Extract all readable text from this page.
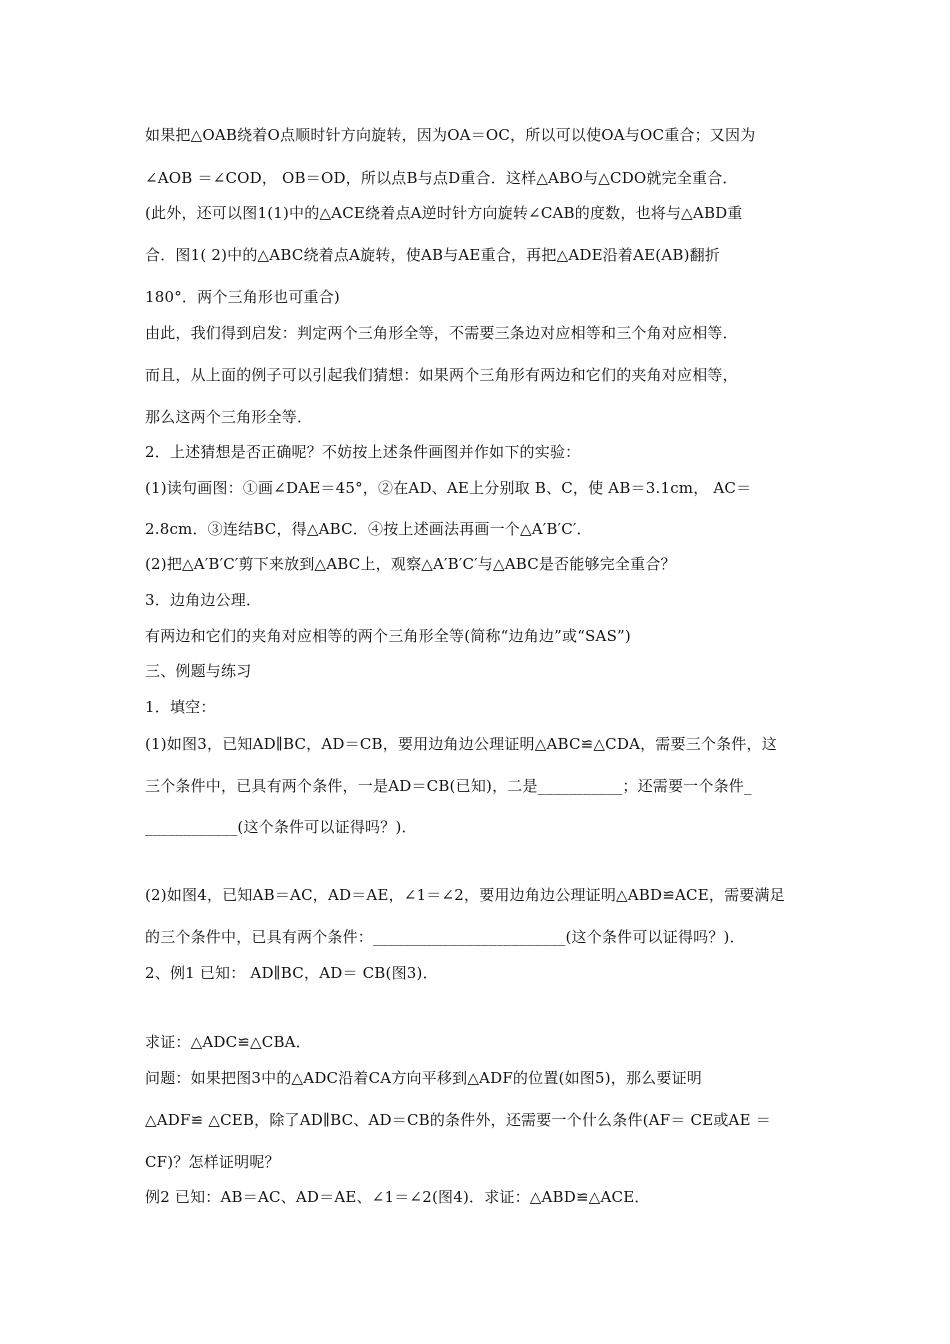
如果把△OAB绕着O点顺时针方向旋转，因为OA＝OC，所以可以使OA与OC重合；又因为
∠AOB ＝∠COD， OB＝OD，所以点B与点D重合．这样△ABO与△CDO就完全重合．
(此外，还可以图1(1)中的△ACE绕着点A逆时针方向旋转∠CAB的度数，也将与△ABD重
合．图1( 2)中的△ABC绕着点A旋转，使AB与AE重合，再把△ADE沿着AE(AB)翻折
180°．两个三角形也可重合)
由此，我们得到启发：判定两个三角形全等，不需要三条边对应相等和三个角对应相等．
而且，从上面的例子可以引起我们猜想：如果两个三角形有两边和它们的夹角对应相等，
那么这两个三角形全等．
2．上述猜想是否正确呢？不妨按上述条件画图并作如下的实验：
(1)读句画图：①画∠DAE＝45°，②在AD、AE上分别取 B、C，使 AB＝3.1cm， AC＝
2.8cm．③连结BC，得△ABC．④按上述画法再画一个△A′B′C′．
(2)把△A′B′C′剪下来放到△ABC上，观察△A′B′C′与△ABC是否能够完全重合？
3．边角边公理．
有两边和它们的夹角对应相等的两个三角形全等(简称“边角边”或“SAS”)
三、例题与练习
1．填空：
(1)如图3，已知AD∥BC，AD＝CB，要用边角边公理证明△ABC≌△CDA，需要三个条件，这
三个条件中，已具有两个条件，一是AD＝CB(已知)，二是___________；还需要一个条件_
____________(这个条件可以证得吗？)．
(2)如图4，已知AB＝AC，AD＝AE，∠1＝∠2，要用边角边公理证明△ABD≌ACE，需要满足
的三个条件中，已具有两个条件：_________________________(这个条件可以证得吗？)．
2、例1 已知： AD∥BC，AD＝ CB(图3)．
求证：△ADC≌△CBA．
问题：如果把图3中的△ADC沿着CA方向平移到△ADF的位置(如图5)，那么要证明
△ADF≌ △CEB，除了AD∥BC、AD＝CB的条件外，还需要一个什么条件(AF＝ CE或AE ＝
CF)？怎样证明呢？
例2 已知：AB＝AC、AD＝AE、∠1＝∠2(图4)．求证：△ABD≌△ACE．
